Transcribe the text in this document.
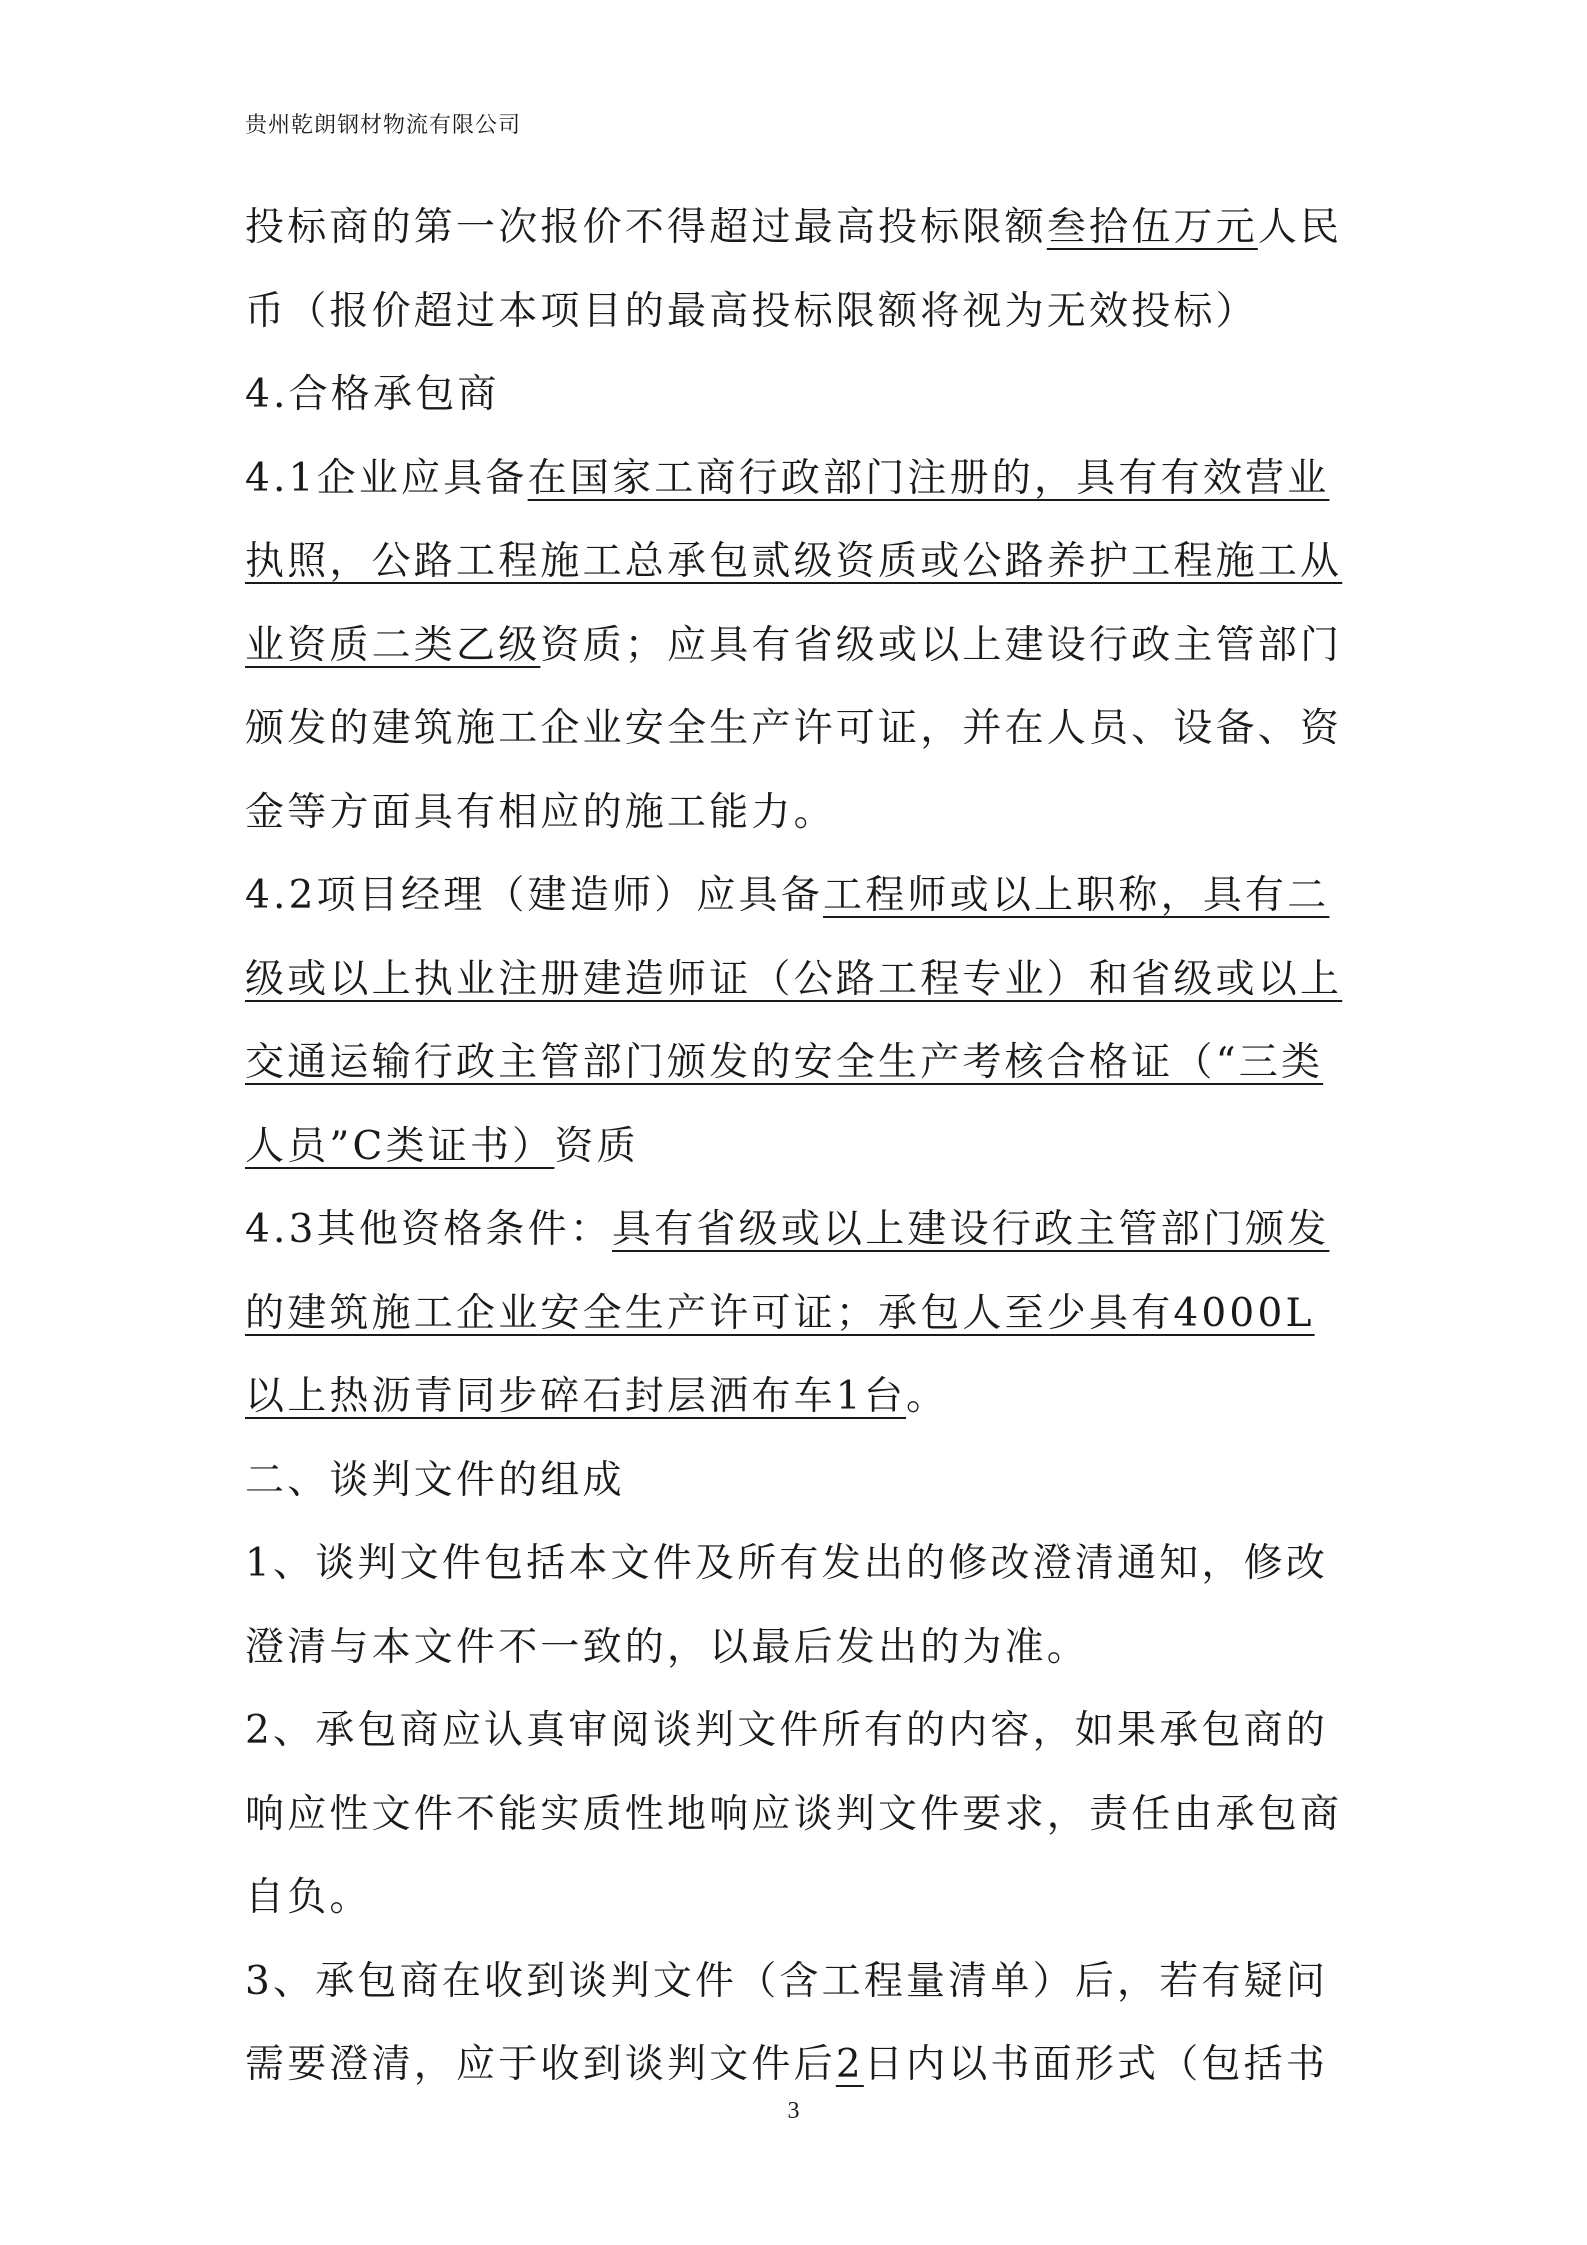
贵州乾朗钢材物流有限公司

投标商的第一次报价不得超过最高投标限额叁拾伍万元人民币（报价超过本项目的最高投标限额将视为无效投标）

4.合格承包商

4.1企业应具备在国家工商行政部门注册的，具有有效营业执照，公路工程施工总承包贰级资质或公路养护工程施工从业资质二类乙级资质；应具有省级或以上建设行政主管部门颁发的建筑施工企业安全生产许可证，并在人员、设备、资金等方面具有相应的施工能力。

4.2项目经理（建造师）应具备工程师或以上职称，具有二级或以上执业注册建造师证（公路工程专业）和省级或以上交通运输行政主管部门颁发的安全生产考核合格证（“三类人员”C类证书）资质

4.3其他资格条件：具有省级或以上建设行政主管部门颁发的建筑施工企业安全生产许可证；承包人至少具有4000L以上热沥青同步碎石封层洒布车1台。

二、谈判文件的组成

1、谈判文件包括本文件及所有发出的修改澄清通知，修改澄清与本文件不一致的，以最后发出的为准。

2、承包商应认真审阅谈判文件所有的内容，如果承包商的响应性文件不能实质性地响应谈判文件要求，责任由承包商自负。

3、承包商在收到谈判文件（含工程量清单）后，若有疑问需要澄清，应于收到谈判文件后2日内以书面形式（包括书

3
